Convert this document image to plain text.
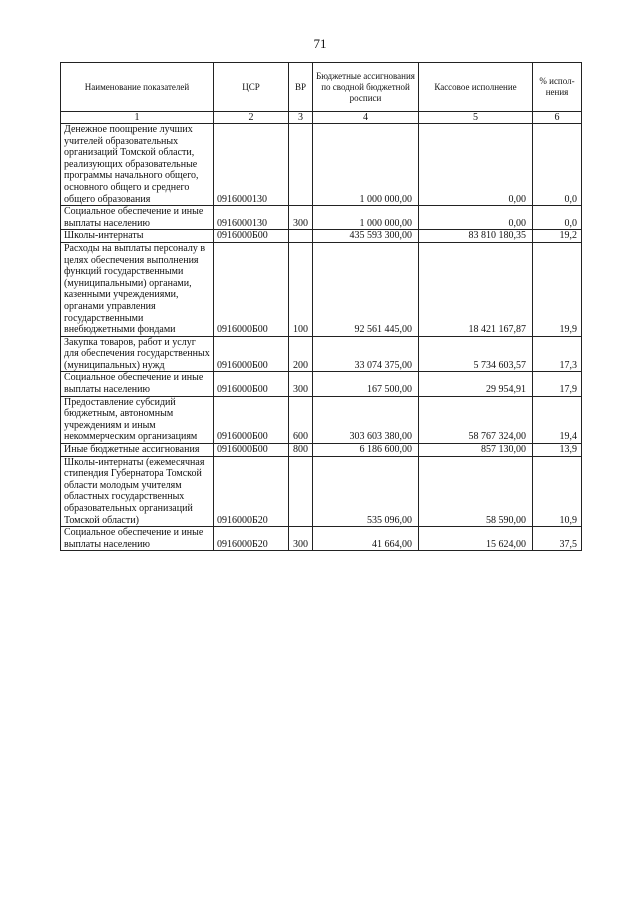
71
Наименование показателей	ЦСР	ВР	Бюджетные ассигнования по сводной бюджетной росписи	Кассовое исполнение	% испол-нения
1	2	3	4	5	6
Денежное поощрение лучших учителей образовательных организаций Томской области, реализующих образовательные программы начального общего, основного общего и среднего общего образования	0916000130		1 000 000,00	0,00	0,0
Социальное обеспечение и иные выплаты населению	0916000130	300	1 000 000,00	0,00	0,0
Школы-интернаты	0916000Б00		435 593 300,00	83 810 180,35	19,2
Расходы на выплаты персоналу в целях обеспечения выполнения функций государственными (муниципальными) органами, казенными учреждениями, органами управления государственными внебюджетными фондами	0916000Б00	100	92 561 445,00	18 421 167,87	19,9
Закупка товаров, работ и услуг для обеспечения государственных (муниципальных) нужд	0916000Б00	200	33 074 375,00	5 734 603,57	17,3
Социальное обеспечение и иные выплаты населению	0916000Б00	300	167 500,00	29 954,91	17,9
Предоставление субсидий бюджетным, автономным учреждениям и иным некоммерческим организациям	0916000Б00	600	303 603 380,00	58 767 324,00	19,4
Иные бюджетные ассигнования	0916000Б00	800	6 186 600,00	857 130,00	13,9
Школы-интернаты (ежемесячная стипендия Губернатора Томской области молодым учителям областных государственных образовательных организаций Томской области)	0916000Б20		535 096,00	58 590,00	10,9
Социальное обеспечение и иные выплаты населению	0916000Б20	300	41 664,00	15 624,00	37,5
